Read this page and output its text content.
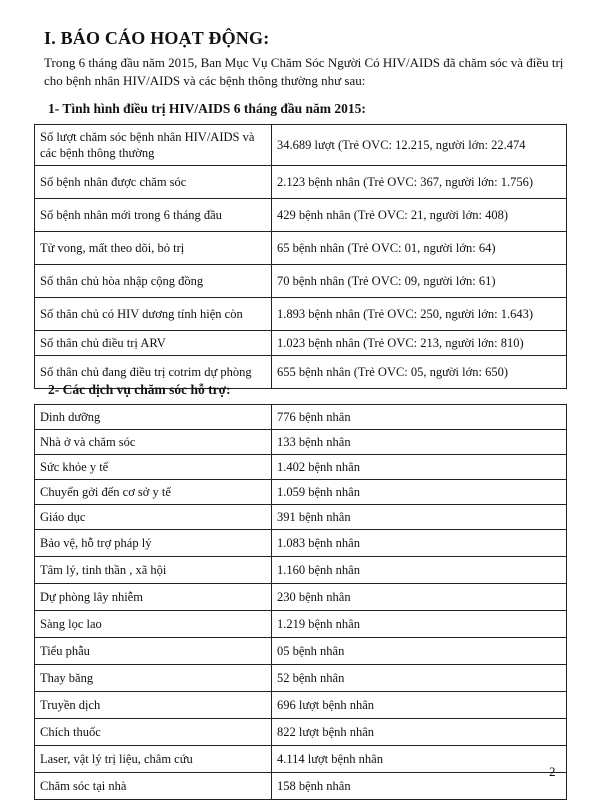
I. BÁO CÁO HOẠT ĐỘNG:
Trong 6 tháng đầu năm 2015, Ban Mục Vụ Chăm Sóc Người Có HIV/AIDS đã chăm sóc và điều trị cho bệnh nhân HIV/AIDS và các bệnh thông thường như sau:
1- Tình hình điều trị HIV/AIDS 6 tháng đầu năm 2015:
Số lượt chăm sóc bệnh nhân HIV/AIDS và các bệnh thông thường	34.689 lượt (Trẻ OVC: 12.215, người lớn: 22.474
Số bệnh nhân được chăm sóc	2.123 bệnh nhân (Trẻ OVC: 367, người lớn: 1.756)
Số bệnh nhân mới trong 6 tháng đầu	429 bệnh nhân (Trẻ OVC: 21, người lớn: 408)
Tử vong, mất theo dõi, bỏ trị	65 bệnh nhân (Trẻ OVC: 01, người lớn: 64)
Số thân chủ hòa nhập cộng đồng	70 bệnh nhân (Trẻ OVC: 09, người lớn: 61)
Số thân chủ có HIV dương tính hiện còn	1.893 bệnh nhân (Trẻ OVC: 250, người lớn: 1.643)
Số thân chủ điều trị ARV	1.023 bệnh nhân (Trẻ OVC: 213, người lớn: 810)
Số thân chủ đang điều trị cotrim dự phòng	655 bệnh nhân (Trẻ OVC: 05, người lớn: 650)
2- Các dịch vụ chăm sóc hỗ trợ:
Dinh dưỡng	776 bệnh nhân
Nhà ở và chăm sóc	133 bệnh nhân
Sức khỏe y tế	1.402 bệnh nhân
Chuyển gởi đến cơ sở y tế	1.059 bệnh nhân
Giáo dục	391 bệnh nhân
Bảo vệ, hỗ trợ pháp lý	1.083 bệnh nhân
Tâm lý, tinh thần , xã hội	1.160 bệnh nhân
Dự phòng lây nhiễm	230 bệnh nhân
Sàng lọc lao	1.219 bệnh nhân
Tiểu phẫu	05 bệnh nhân
Thay băng	52 bệnh nhân
Truyền dịch	696 lượt bệnh nhân
Chích thuốc	822 lượt bệnh nhân
Laser, vật lý trị liệu, châm cứu	4.114 lượt bệnh nhân
Chăm sóc tại nhà	158 bệnh nhân
2
